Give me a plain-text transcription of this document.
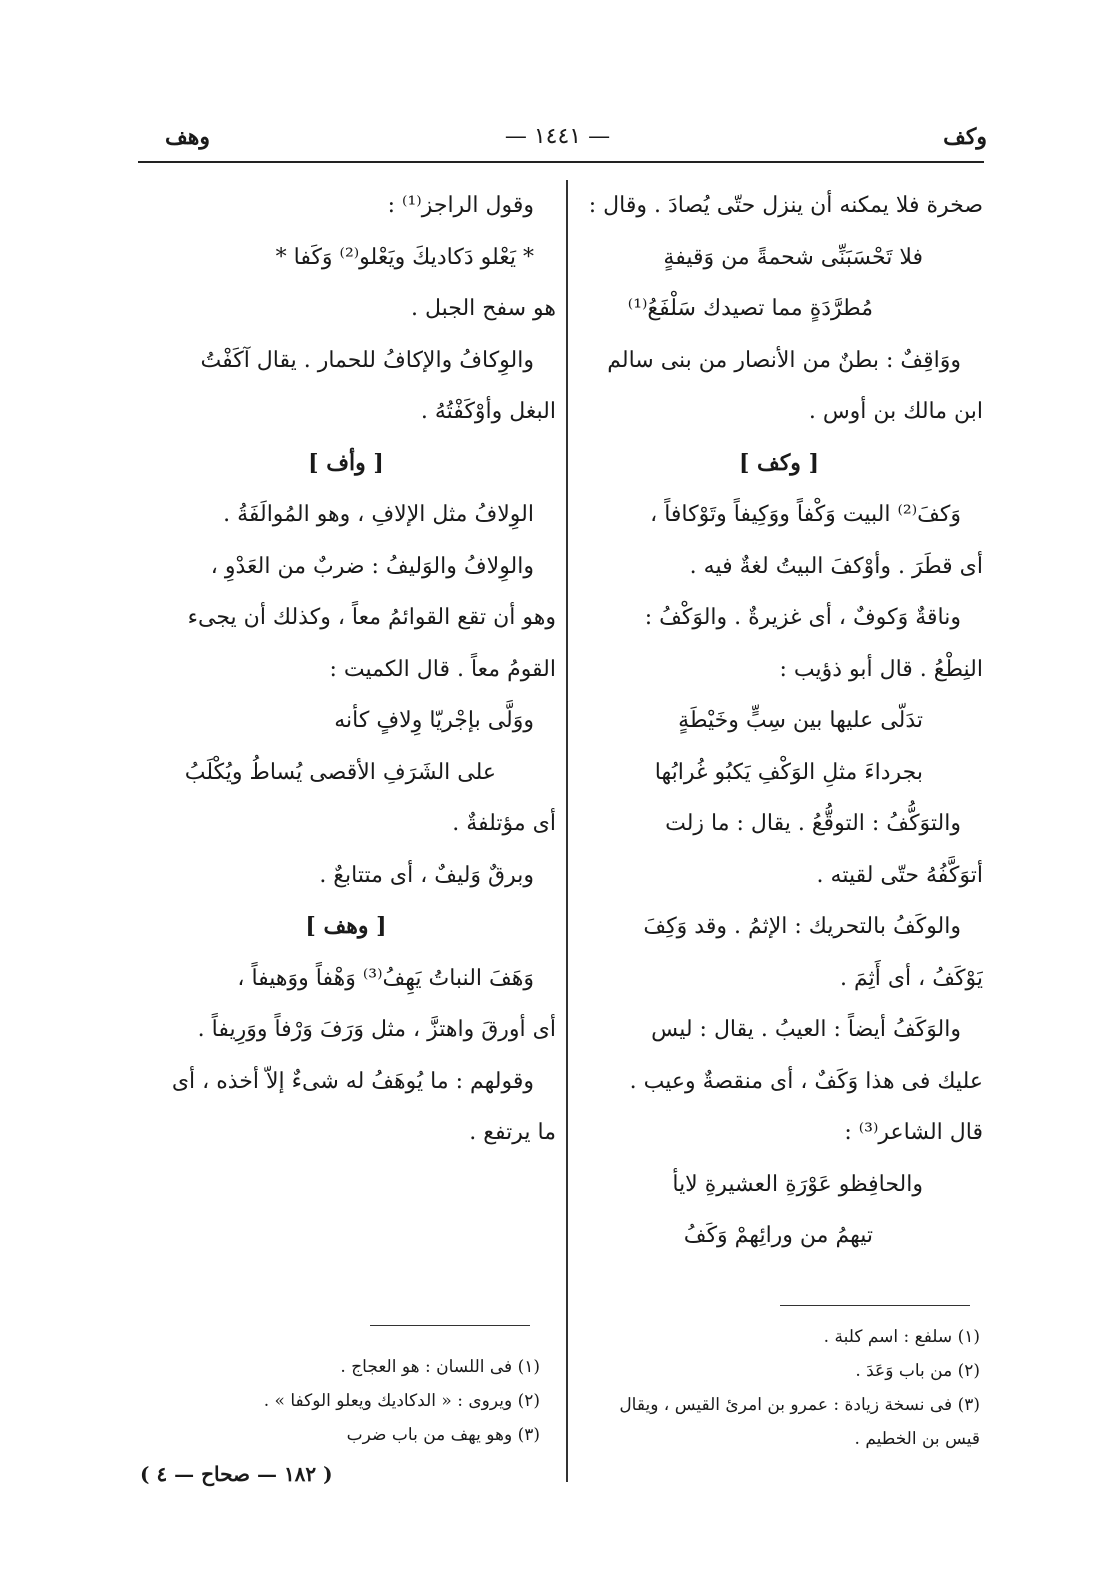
وكف
— ١٤٤١ —
وهف
صخرة فلا يمكنه أن ينزل حتّى يُصادَ . وقال :
فلا تَحْسَبَنِّى شحمةً من وَقيفةٍ
مُطرَّدَةٍ مما تصيدك سَلْفَعُ⁽¹⁾
ووَاقِفٌ : بطنٌ من الأنصار من بنى سالم
ابن مالك بن أوس .
[ وكف ]
وَكفَ⁽²⁾ البيت وَكْفاً ووَكِيفاً وتَوْكافاً ،
أى قطَرَ . وأوْكفَ البيتُ لغةٌ فيه .
وناقةٌ وَكوفٌ ، أى غزيرةٌ . والوَكْفُ :
النِطْعُ . قال أبو ذؤيب :
تدَلّى عليها بين سِبٍّ وخَيْطَةٍ
بجرداءَ مثلِ الوَكْفِ يَكبُو غُرابُها
والتوَكُّفُ : التوقُّعُ . يقال : ما زلت
أتوَكَّفُهُ حتّى لقيته .
والوكَفُ بالتحريك : الإثمُ . وقد وَكِفَ
يَوْكَفُ ، أى أَثِمَ .
والوَكَفُ أيضاً : العيبُ . يقال : ليس
عليك فى هذا وَكَفٌ ، أى منقصةٌ وعيب .
قال الشاعر⁽³⁾ :
والحافِظو عَوْرَةِ العشيرةِ لايأ
تيهمُ من ورائِهمْ وَكَفُ
وقول الراجز⁽¹⁾ :
* يَعْلو دَكاديكَ ويَعْلو⁽²⁾ وَكَفا *
هو سفح الجبل .
والوِكافُ والإكافُ للحمار . يقال آكَفْتُ
البغل وأوْكَفْتُهُ .
[ وأف ]
الوِلافُ مثل الإلافِ ، وهو المُوالَفَةُ .
والوِلافُ والوَليفُ : ضربٌ من العَدْوِ ،
وهو أن تقع القوائمُ معاً ، وكذلك أن يجىء
القومُ معاً . قال الكميت :
ووَلَّى بإجْريّا وِلافٍ كأنه
على الشَرَفِ الأقصى يُساطُ ويُكْلَبُ
أى مؤتلفةٌ .
وبرقٌ وَليفٌ ، أى متتابعٌ .
[ وهف ]
وَهَفَ النباتُ يَهِفُ⁽³⁾ وَهْفاً ووَهيفاً ،
أى أورقَ واهتزَّ ، مثل وَرَفَ وَرْفاً ووَرِيفاً .
وقولهم : ما يُوهَفُ له شىءٌ إلاّ أخذه ، أى
ما يرتفع .
(١) سلفع : اسم كلبة .
(٢) من باب وَعَدَ .
(٣) فى نسخة زيادة : عمرو بن امرئ القيس ، ويقال
قيس بن الخطيم .
(١) فى اللسان : هو العجاج .
(٢) ويروى : « الدكاديك ويعلو الوكفا » .
(٣) وهو يهف من باب ضرب
( ١٨٢ — صحاح — ٤ )
